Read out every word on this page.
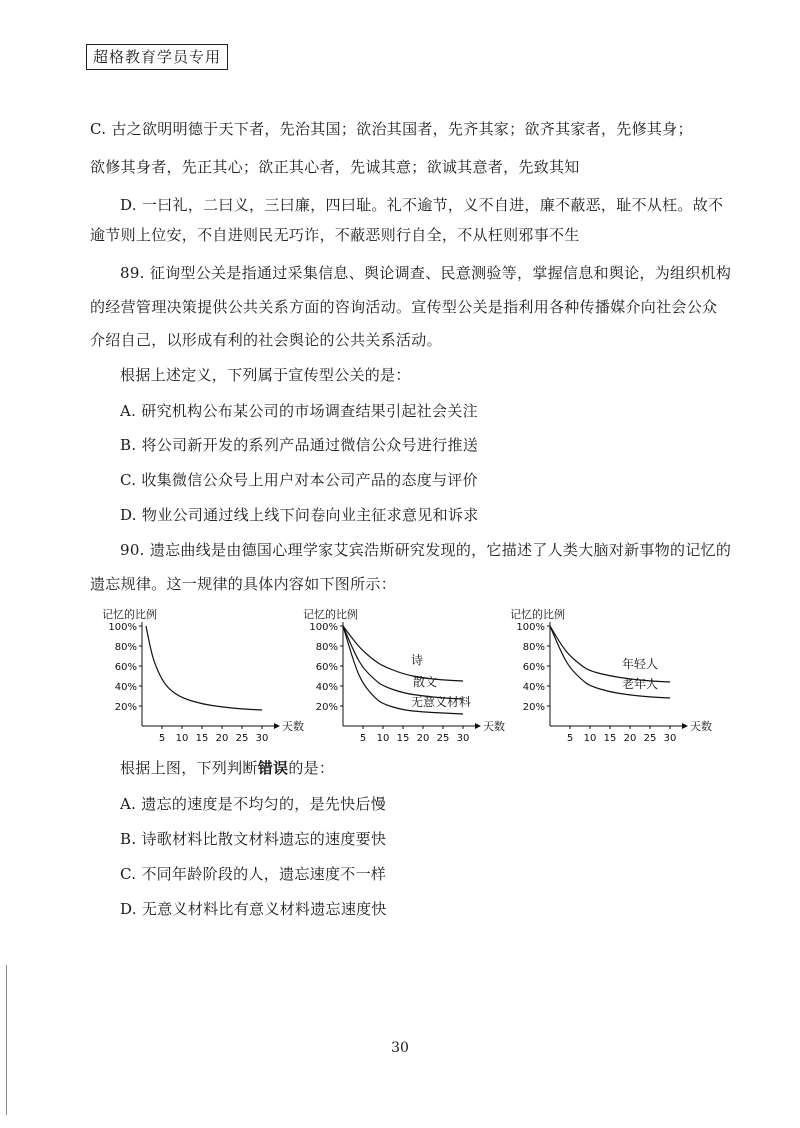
超格教育学员专用
C. 古之欲明明德于天下者，先治其国；欲治其国者，先齐其家；欲齐其家者，先修其身；
欲修其身者，先正其心；欲正其心者，先诚其意；欲诚其意者，先致其知
D. 一曰礼，二曰义，三曰廉，四曰耻。礼不逾节，义不自进，廉不蔽恶，耻不从枉。故不
逾节则上位安，不自进则民无巧诈，不蔽恶则行自全，不从枉则邪事不生
89. 征询型公关是指通过采集信息、舆论调查、民意测验等，掌握信息和舆论，为组织机构
的经营管理决策提供公共关系方面的咨询活动。宣传型公关是指利用各种传播媒介向社会公众
介绍自己，以形成有利的社会舆论的公共关系活动。
根据上述定义，下列属于宣传型公关的是：
A. 研究机构公布某公司的市场调查结果引起社会关注
B. 将公司新开发的系列产品通过微信公众号进行推送
C. 收集微信公众号上用户对本公司产品的态度与评价
D. 物业公司通过线上线下问卷向业主征求意见和诉求
90. 遗忘曲线是由德国心理学家艾宾浩斯研究发现的，它描述了人类大脑对新事物的记忆的
遗忘规律。这一规律的具体内容如下图所示：
记忆的比例
天数
100%
80%
60%
40%
20%
5 10 15 20 25 30
记忆的比例
天数
100%
80%
60%
40%
20%
5 10 15 20 25 30
诗
散文
无意义材料
记忆的比例
天数
100%
80%
60%
40%
20%
5 10 15 20 25 30
年轻人
老年人
根据上图，下列判断错误的是：
A. 遗忘的速度是不均匀的，是先快后慢
B. 诗歌材料比散文材料遗忘的速度要快
C. 不同年龄阶段的人，遗忘速度不一样
D. 无意义材料比有意义材料遗忘速度快
30
